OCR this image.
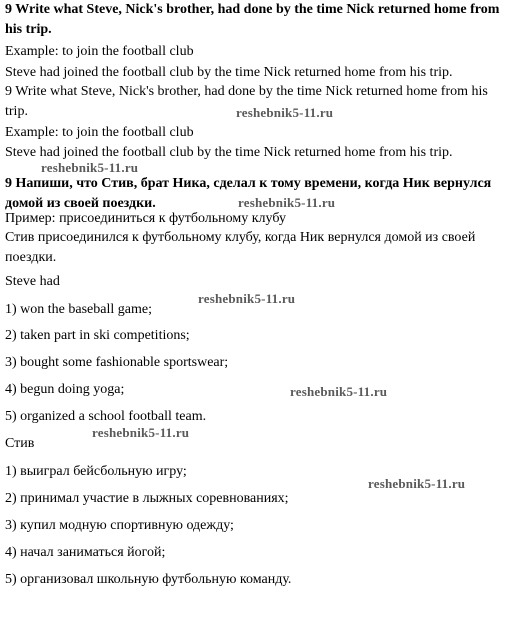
9 Write what Steve, Nick's brother, had done by the time Nick returned home from his trip.

Example: to join the football club

Steve had joined the football club by the time Nick returned home from his trip.

9 Write what Steve, Nick's brother, had done by the time Nick returned home from his trip.

Example: to join the football club

Steve had joined the football club by the time Nick returned home from his trip.

9 Напиши, что Стив, брат Ника, сделал к тому времени, когда Ник вернулся домой из своей поездки.

Пример: присоединиться к футбольному клубу

Стив присоединился к футбольному клубу, когда Ник вернулся домой из своей поездки.

Steve had

1) won the baseball game;

2) taken part in ski competitions;

3) bought some fashionable sportswear;

4) begun doing yoga;

5) organized a school football team.

Стив

1) выиграл бейсбольную игру;

2) принимал участие в лыжных соревнованиях;

3) купил модную спортивную одежду;

4) начал заниматься йогой;

5) организовал школьную футбольную команду.

reshebnik5-11.ru
reshebnik5-11.ru
reshebnik5-11.ru
reshebnik5-11.ru
reshebnik5-11.ru
reshebnik5-11.ru
reshebnik5-11.ru
